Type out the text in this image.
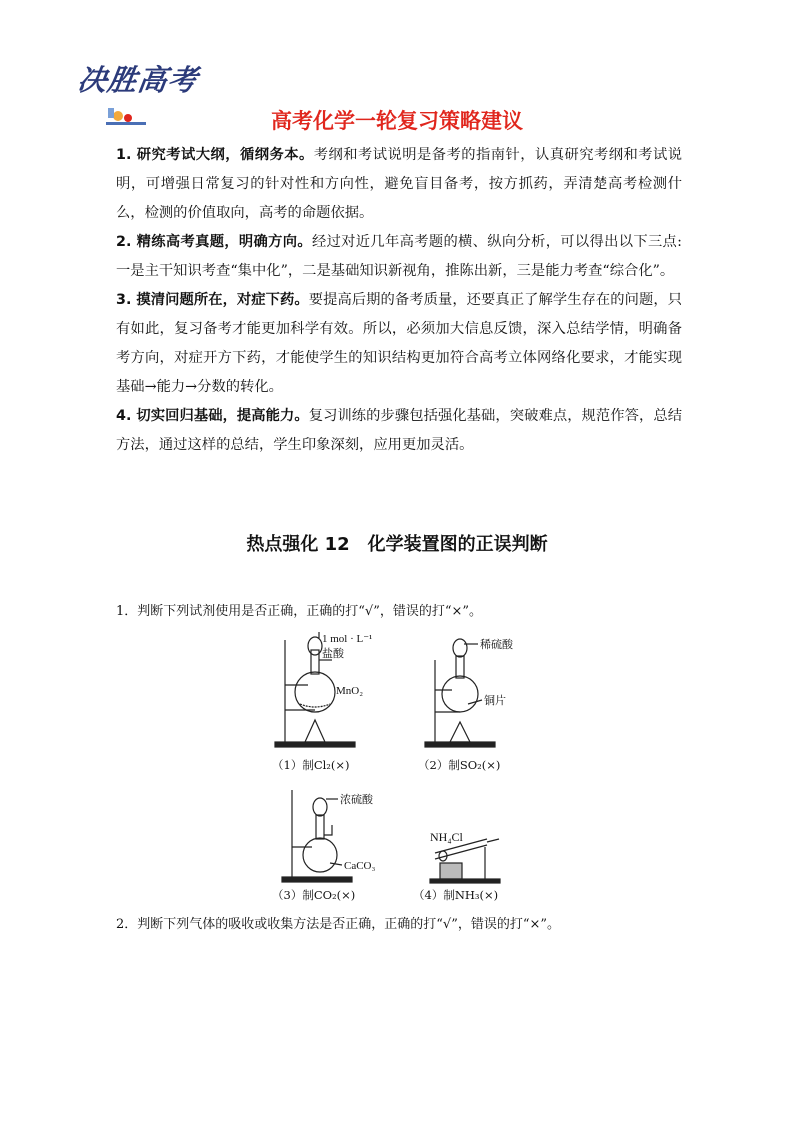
决胜高考
高考化学一轮复习策略建议

1. 研究考试大纲，循纲务本。考纲和考试说明是备考的指南针，认真研究考纲和考试说明，可增强日常复习的针对性和方向性，避免盲目备考，按方抓药，弄清楚高考检测什么，检测的价值取向，高考的命题依据。

2. 精练高考真题，明确方向。经过对近几年高考题的横、纵向分析，可以得出以下三点:一是主干知识考查“集中化”，二是基础知识新视角，推陈出新，三是能力考查“综合化”。

3. 摸清问题所在，对症下药。要提高后期的备考质量，还要真正了解学生存在的问题，只有如此，复习备考才能更加科学有效。所以，必须加大信息反馈，深入总结学情，明确备考方向，对症开方下药，才能使学生的知识结构更加符合高考立体网络化要求，才能实现基础→能力→分数的转化。

4. 切实回归基础，提高能力。复习训练的步骤包括强化基础，突破难点，规范作答，总结方法，通过这样的总结，学生印象深刻，应用更加灵活。

热点强化 12　化学装置图的正误判断
1．判断下列试剂使用是否正确，正确的打“√”，错误的打“×”。
1 mol · L⁻¹
盐酸
MnO₂
（1）制Cl₂(×)
稀硫酸
铜片
（2）制SO₂(×)
浓硫酸
CaCO₃
（3）制CO₂(×)
NH₄Cl
（4）制NH₃(×)
2．判断下列气体的吸收或收集方法是否正确，正确的打“√”，错误的打“×”。
